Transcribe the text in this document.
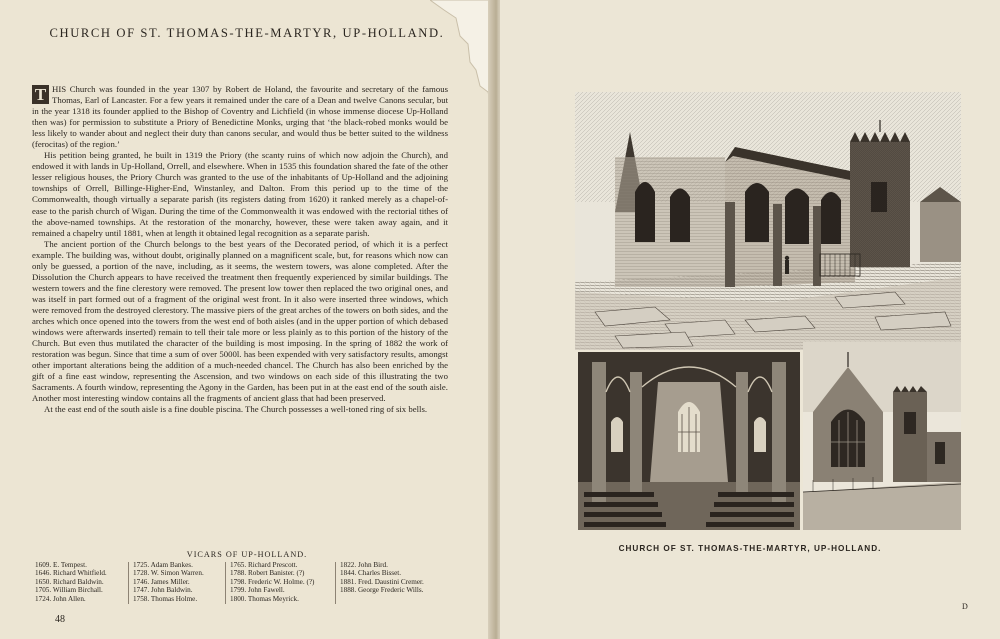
CHURCH OF ST. THOMAS-THE-MARTYR, UP-HOLLAND.

T HIS Church was founded in the year 1307 by Robert de Holand, the favourite and secretary of the famous Thomas, Earl of Lancaster. For a few years it remained under the care of a Dean and twelve Canons secular, but in the year 1318 its founder applied to the Bishop of Coventry and Lichfield (in whose immense diocese Up-Holland then was) for permission to substitute a Priory of Benedictine Monks, urging that ‘the black-robed monks would be less likely to wander about and neglect their duty than canons secular, and would thus be better suited to the wildness (ferocitas) of the region.’

His petition being granted, he built in 1319 the Priory (the scanty ruins of which now adjoin the Church), and endowed it with lands in Up-Holland, Orrell, and elsewhere. When in 1535 this foundation shared the fate of the other lesser religious houses, the Priory Church was granted to the use of the inhabitants of Up-Holland and the adjoining townships of Orrell, Billinge-Higher-End, Winstanley, and Dalton. From this period up to the time of the Commonwealth, though virtually a separate parish (its registers dating from 1620) it ranked merely as a chapel-of-ease to the parish church of Wigan. During the time of the Commonwealth it was endowed with the rectorial tithes of the above-named townships. At the restoration of the monarchy, however, these were taken away again, and it remained a chapelry until 1881, when at length it obtained legal recognition as a separate parish.

The ancient portion of the Church belongs to the best years of the Decorated period, of which it is a perfect example. The building was, without doubt, originally planned on a magnificent scale, but, for reasons which now can only be guessed, a portion of the nave, including, as it seems, the western towers, was alone completed. After the Dissolution the Church appears to have received the treatment then frequently experienced by similar buildings. The western towers and the fine clerestory were removed. The present low tower then replaced the two original ones, and was itself in part formed out of a fragment of the original west front. In it also were inserted three windows, which were removed from the destroyed clerestory. The massive piers of the great arches of the towers on both sides, and the arches which once opened into the towers from the west end of both aisles (and in the upper portion of which debased windows were afterwards inserted) remain to tell their tale more or less plainly as to this portion of the history of the Church. But even thus mutilated the character of the building is most imposing. In the spring of 1882 the work of restoration was begun. Since that time a sum of over 5000l. has been expended with very satisfactory results, amongst other important alterations being the addition of a much-needed chancel. The Church has also been enriched by the gift of a fine east window, representing the Ascension, and two windows on each side of this illustrating the two Sacraments. A fourth window, representing the Agony in the Garden, has been put in at the east end of the south aisle. Another most interesting window contains all the fragments of ancient glass that had been preserved.

At the east end of the south aisle is a fine double piscina. The Church possesses a well-toned ring of six bells.

VICARS OF UP-HOLLAND.
1609. E. Tempest.
1646. Richard Whitfield.
1650. Richard Baldwin.
1705. William Birchall.
1724. John Allen.
1725. Adam Bankes.
1728. W. Simon Warren.
1746. James Miller.
1747. John Baldwin.
1758. Thomas Holme.
1765. Richard Prescott.
1788. Robert Banister. (?)
1798. Frederic W. Holme. (?)
1799. John Fawell.
1800. Thomas Meyrick.
1822. John Bird.
1844. Charles Bisset.
1881. Fred. Daustini Cremer.
1888. George Frederic Wills.
48
CHURCH OF ST. THOMAS-THE-MARTYR, UP-HOLLAND.
D
